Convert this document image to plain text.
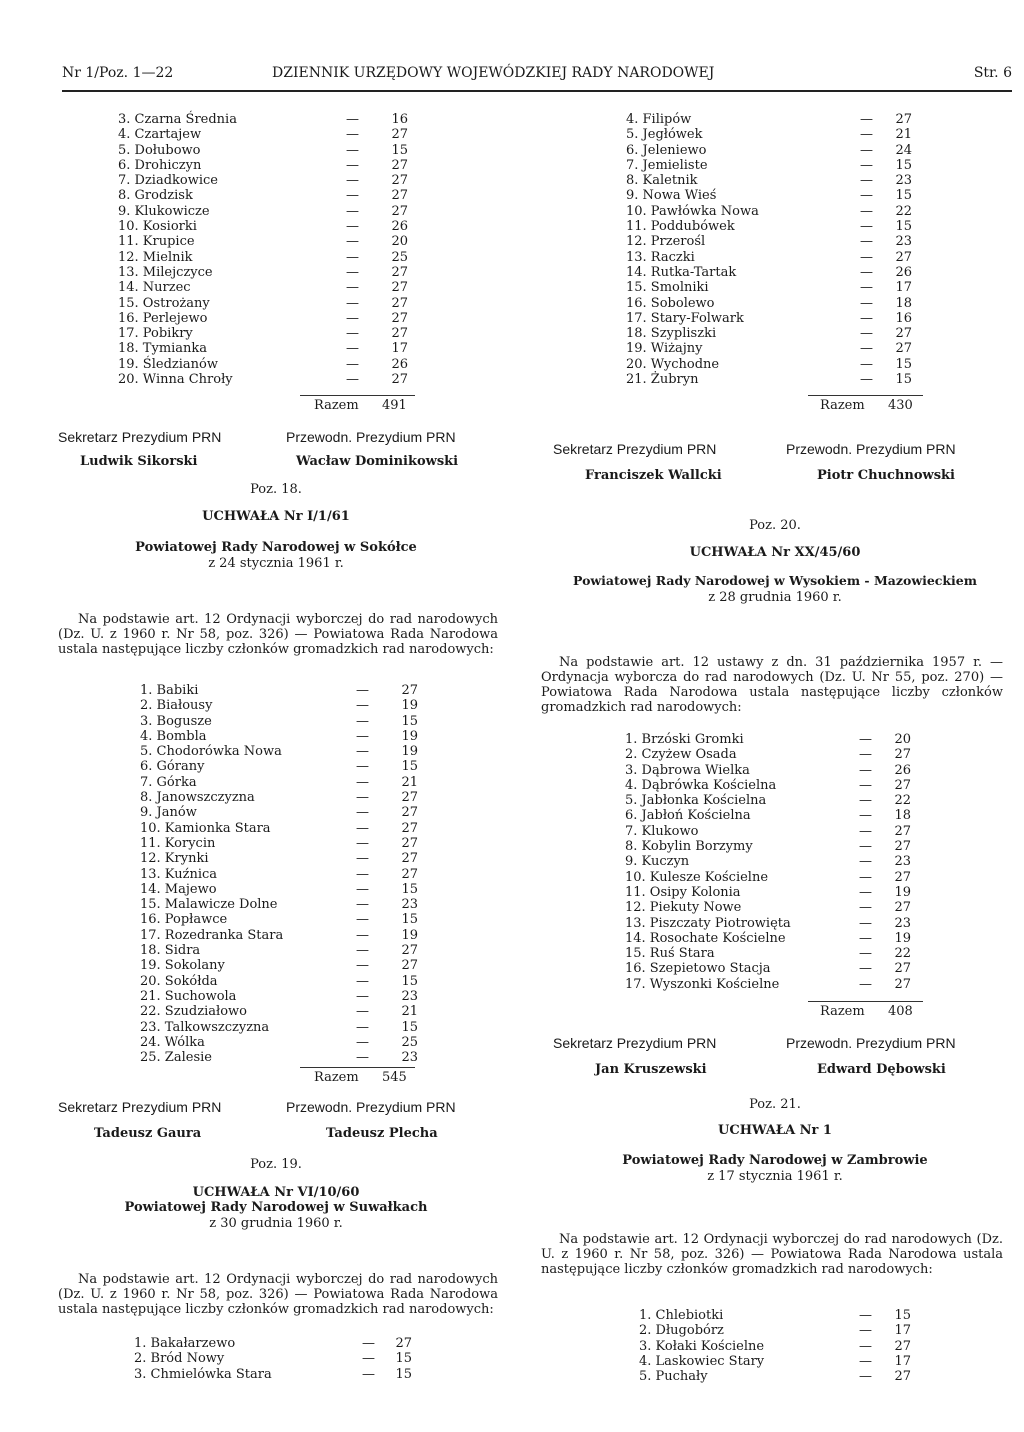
Nr 1/Poz. 1—22	DZIENNIK URZĘDOWY WOJEWÓDZKIEJ RADY NARODOWEJ	Str. 6
3. Czarna Średnia	—	16
4. Czartajew	—	27
5. Dołubowo	—	15
6. Drohiczyn	—	27
7. Dziadkowice	—	27
8. Grodzisk	—	27
9. Klukowicze	—	27
10. Kosiorki	—	26
11. Krupice	—	20
12. Mielnik	—	25
13. Milejczyce	—	27
14. Nurzec	—	27
15. Ostrożany	—	27
16. Perlejewo	—	27
17. Pobikry	—	27
18. Tymianka	—	17
19. Śledzianów	—	26
20. Winna Chroły	—	27
Razem 491
Sekretarz Prezydium PRN	Przewodn. Prezydium PRN
Ludwik Sikorski	Wacław Dominikowski
Poz. 18.
UCHWAŁA Nr I/1/61
Powiatowej Rady Narodowej w Sokółce
z 24 stycznia 1961 r.

Na podstawie art. 12 Ordynacji wyborczej do rad narodowych (Dz. U. z 1960 r. Nr 58, poz. 326) — Powiatowa Rada Narodowa ustala następujące liczby członków gromadzkich rad narodowych:

1. Babiki	—	27
2. Białousy	—	19
3. Bogusze	—	15
4. Bombla	—	19
5. Chodorówka Nowa	—	19
6. Górany	—	15
7. Górka	—	21
8. Janowszczyzna	—	27
9. Janów	—	27
10. Kamionka Stara	—	27
11. Korycin	—	27
12. Krynki	—	27
13. Kuźnica	—	27
14. Majewo	—	15
15. Malawicze Dolne	—	23
16. Popławce	—	15
17. Rozedranka Stara	—	19
18. Sidra	—	27
19. Sokolany	—	27
20. Sokółda	—	15
21. Suchowola	—	23
22. Szudziałowo	—	21
23. Talkowszczyzna	—	15
24. Wólka	—	25
25. Zalesie	—	23
Razem 545
Sekretarz Prezydium PRN	Przewodn. Prezydium PRN
Tadeusz Gaura	Tadeusz Plecha
Poz. 19.
UCHWAŁA Nr VI/10/60
Powiatowej Rady Narodowej w Suwałkach
z 30 grudnia 1960 r.

Na podstawie art. 12 Ordynacji wyborczej do rad narodowych (Dz. U. z 1960 r. Nr 58, poz. 326) — Powiatowa Rada Narodowa ustala następujące liczby członków gromadzkich rad narodowych:

1. Bakałarzewo	—	27
2. Bród Nowy	—	15
3. Chmielówka Stara	—	15
4. Filipów	—	27
5. Jegłówek	—	21
6. Jeleniewo	—	24
7. Jemieliste	—	15
8. Kaletnik	—	23
9. Nowa Wieś	—	15
10. Pawłówka Nowa	—	22
11. Poddubówek	—	15
12. Przerośl	—	23
13. Raczki	—	27
14. Rutka-Tartak	—	26
15. Smolniki	—	17
16. Sobolewo	—	18
17. Stary-Folwark	—	16
18. Szypliszki	—	27
19. Wiżajny	—	27
20. Wychodne	—	15
21. Żubryn	—	15
Razem 430
Sekretarz Prezydium PRN	Przewodn. Prezydium PRN
Franciszek Wallcki	Piotr Chuchnowski
Poz. 20.
UCHWAŁA Nr XX/45/60
Powiatowej Rady Narodowej w Wysokiem - Mazowieckiem
z 28 grudnia 1960 r.

Na podstawie art. 12 ustawy z dn. 31 października 1957 r. — Ordynacja wyborcza do rad narodowych (Dz. U. Nr 55, poz. 270) — Powiatowa Rada Narodowa ustala następujące liczby członków gromadzkich rad narodowych:

1. Brzóski Gromki	—	20
2. Czyżew Osada	—	27
3. Dąbrowa Wielka	—	26
4. Dąbrówka Kościelna	—	27
5. Jabłonka Kościelna	—	22
6. Jabłoń Kościelna	—	18
7. Klukowo	—	27
8. Kobylin Borzymy	—	27
9. Kuczyn	—	23
10. Kulesze Kościelne	—	27
11. Osipy Kolonia	—	19
12. Piekuty Nowe	—	27
13. Piszczaty Piotrowięta	—	23
14. Rosochate Kościelne	—	19
15. Ruś Stara	—	22
16. Szepietowo Stacja	—	27
17. Wyszonki Kościelne	—	27
Razem 408
Sekretarz Prezydium PRN	Przewodn. Prezydium PRN
Jan Kruszewski	Edward Dębowski
Poz. 21.
UCHWAŁA Nr 1
Powiatowej Rady Narodowej w Zambrowie
z 17 stycznia 1961 r.

Na podstawie art. 12 Ordynacji wyborczej do rad narodowych (Dz. U. z 1960 r. Nr 58, poz. 326) — Powiatowa Rada Narodowa ustala następujące liczby członków gromadzkich rad narodowych:

1. Chlebiotki	—	15
2. Długobórz	—	17
3. Kołaki Kościelne	—	27
4. Laskowiec Stary	—	17
5. Puchały	—	27
